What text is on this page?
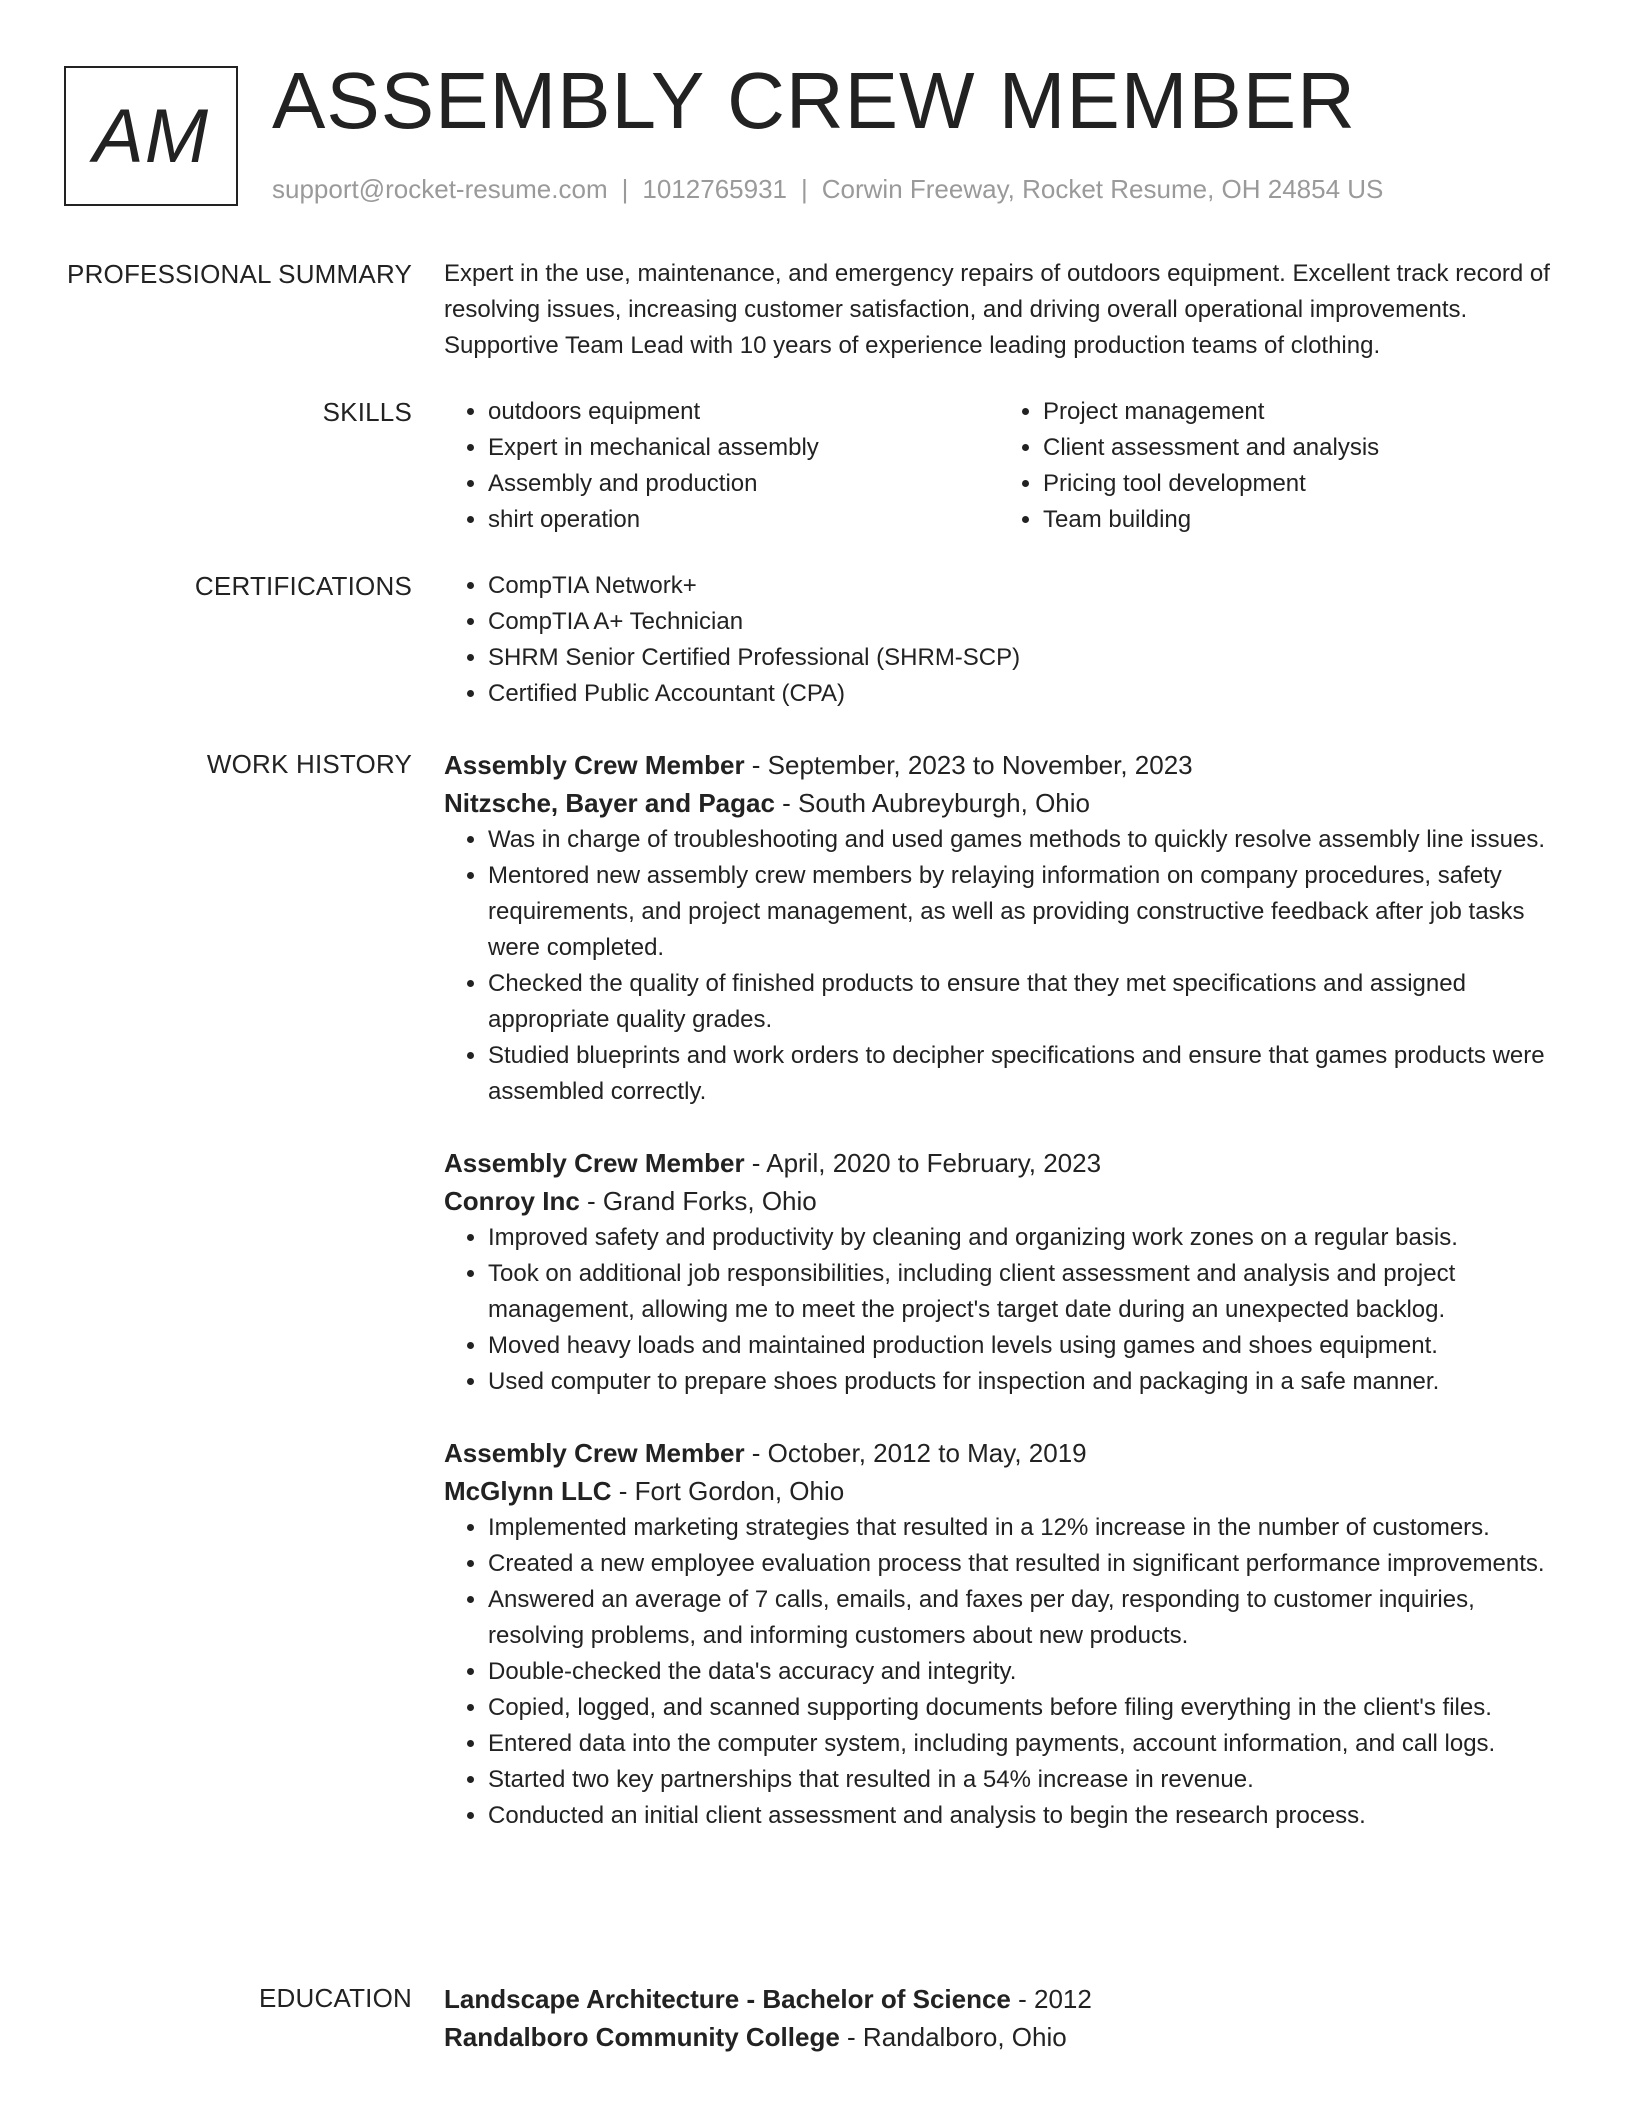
AM ASSEMBLY CREW MEMBER
support@rocket-resume.com | 1012765931 | Corwin Freeway, Rocket Resume, OH 24854 US
PROFESSIONAL SUMMARY Expert in the use, maintenance, and emergency repairs of outdoors equipment. Excellent track record of resolving issues, increasing customer satisfaction, and driving overall operational improvements. Supportive Team Lead with 10 years of experience leading production teams of clothing.

SKILLS	• outdoors equipment
• Expert in mechanical assembly
• Assembly and production
• shirt operation
• Project management
• Client assessment and analysis
• Pricing tool development
• Team building
CERTIFICATIONS	• CompTIA Network+
• CompTIA A+ Technician
• SHRM Senior Certified Professional (SHRM-SCP)
• Certified Public Accountant (CPA)
WORK HISTORY Assembly Crew Member - September, 2023 to November, 2023
Nitzsche, Bayer and Pagac - South Aubreyburgh, Ohio
• Was in charge of troubleshooting and used games methods to quickly resolve assembly line issues.
• Mentored new assembly crew members by relaying information on company procedures, safety requirements, and project management, as well as providing constructive feedback after job tasks were completed.
• Checked the quality of finished products to ensure that they met specifications and assigned appropriate quality grades.
• Studied blueprints and work orders to decipher specifications and ensure that games products were assembled correctly.
Assembly Crew Member - April, 2020 to February, 2023
Conroy Inc - Grand Forks, Ohio
• Improved safety and productivity by cleaning and organizing work zones on a regular basis.
• Took on additional job responsibilities, including client assessment and analysis and project management, allowing me to meet the project's target date during an unexpected backlog.
• Moved heavy loads and maintained production levels using games and shoes equipment.
• Used computer to prepare shoes products for inspection and packaging in a safe manner.
Assembly Crew Member - October, 2012 to May, 2019
McGlynn LLC - Fort Gordon, Ohio
• Implemented marketing strategies that resulted in a 12% increase in the number of customers.
• Created a new employee evaluation process that resulted in significant performance improvements.
• Answered an average of 7 calls, emails, and faxes per day, responding to customer inquiries, resolving problems, and informing customers about new products.
• Double-checked the data's accuracy and integrity.
• Copied, logged, and scanned supporting documents before filing everything in the client's files.
• Entered data into the computer system, including payments, account information, and call logs.
• Started two key partnerships that resulted in a 54% increase in revenue.
• Conducted an initial client assessment and analysis to begin the research process.
EDUCATION Landscape Architecture - Bachelor of Science - 2012
Randalboro Community College - Randalboro, Ohio
